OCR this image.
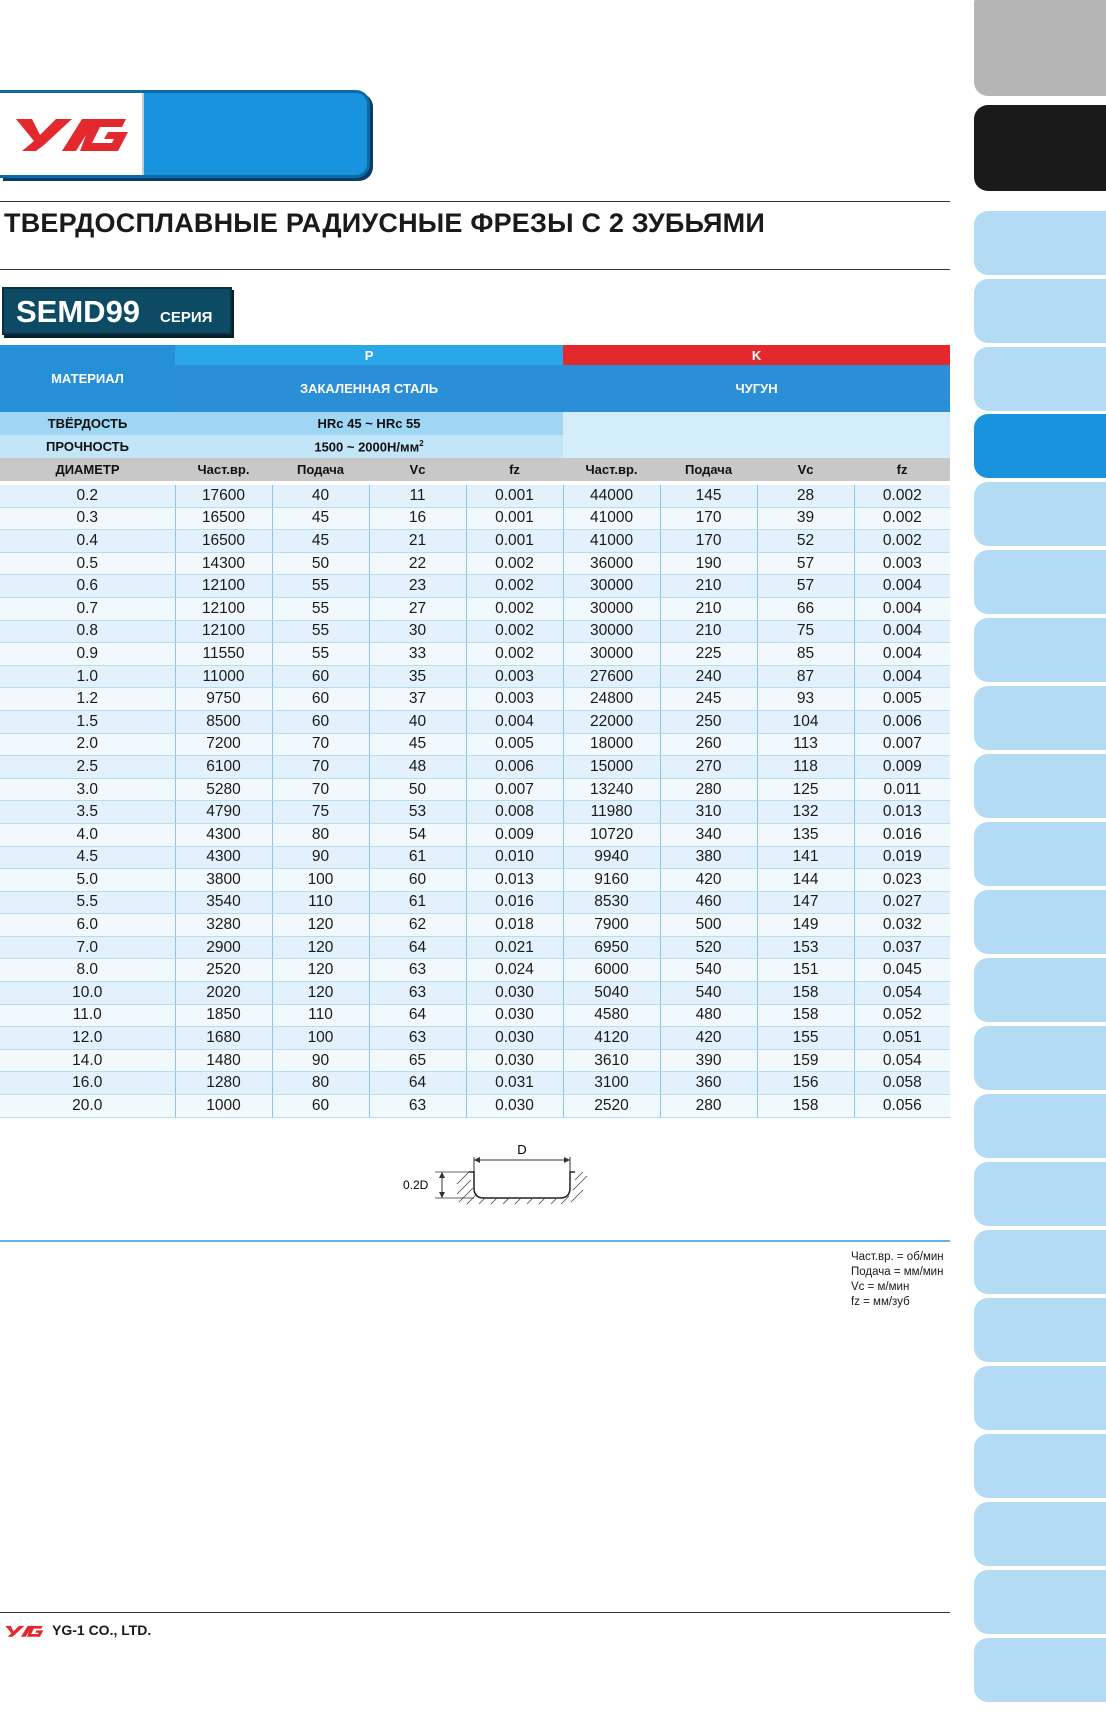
ТВЕРДОСПЛАВНЫЕ РАДИУСНЫЕ ФРЕЗЫ С 2 ЗУБЬЯМИ
SEMD99 СЕРИЯ
МАТЕРИАЛ	P				K			
	ЗАКАЛЕННАЯ СТАЛЬ				ЧУГУН			
ТВЁРДОСТЬ	HRc 45 ~ HRc 55							
ПРОЧНОСТЬ	1500 ~ $2000Н/мм^2$	
ДИАМЕТР	Част.вр.	Подача	Vc	fz	Част.вр.	Подача	Vc	fz

0.2	17600	40	11	0.001	44000	145	28	0.002
0.3	16500	45	16	0.001	41000	170	39	0.002
0.4	16500	45	21	0.001	41000	170	52	0.002
0.5	14300	50	22	0.002	36000	190	57	0.003
0.6	12100	55	23	0.002	30000	210	57	0.004
0.7	12100	55	27	0.002	30000	210	66	0.004
0.8	12100	55	30	0.002	30000	210	75	0.004
0.9	11550	55	33	0.002	30000	225	85	0.004
1.0	11000	60	35	0.003	27600	240	87	0.004
1.2	9750	60	37	0.003	24800	245	93	0.005
1.5	8500	60	40	0.004	22000	250	104	0.006
2.0	7200	70	45	0.005	18000	260	113	0.007
2.5	6100	70	48	0.006	15000	270	118	0.009
3.0	5280	70	50	0.007	13240	280	125	0.011
3.5	4790	75	53	0.008	11980	310	132	0.013
4.0	4300	80	54	0.009	10720	340	135	0.016
4.5	4300	90	61	0.010	9940	380	141	0.019
5.0	3800	100	60	0.013	9160	420	144	0.023
5.5	3540	110	61	0.016	8530	460	147	0.027
6.0	3280	120	62	0.018	7900	500	149	0.032
7.0	2900	120	64	0.021	6950	520	153	0.037
8.0	2520	120	63	0.024	6000	540	151	0.045
10.0	2020	120	63	0.030	5040	540	158	0.054
11.0	1850	110	64	0.030	4580	480	158	0.052
12.0	1680	100	63	0.030	4120	420	155	0.051
14.0	1480	90	65	0.030	3610	390	159	0.054
16.0	1280	80	64	0.031	3100	360	156	0.058
20.0	1000	60	63	0.030	2520	280	158	0.056
D
0.2D
Част.вр. = об/мин
Подача = мм/мин
Vc = м/мин
fz = мм/зуб
YG-1 CO., LTD.
